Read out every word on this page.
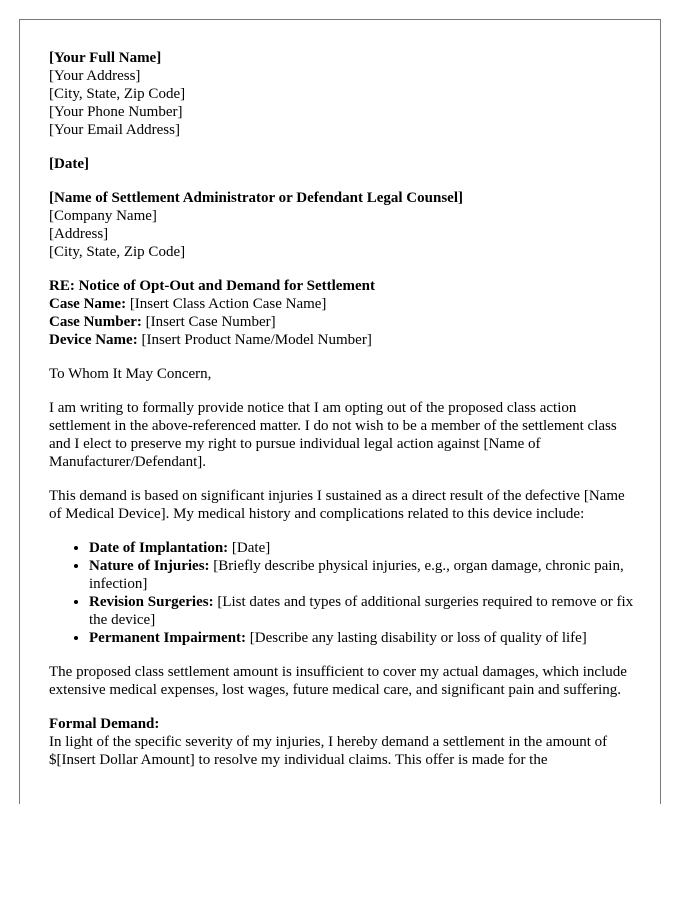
[Your Full Name]
[Your Address]
[City, State, Zip Code]
[Your Phone Number]
[Your Email Address]
[Date]
[Name of Settlement Administrator or Defendant Legal Counsel]
[Company Name]
[Address]
[City, State, Zip Code]
RE: Notice of Opt-Out and Demand for Settlement
Case Name: [Insert Class Action Case Name]
Case Number: [Insert Case Number]
Device Name: [Insert Product Name/Model Number]

To Whom It May Concern,

I am writing to formally provide notice that I am opting out of the proposed class action settlement in the above-referenced matter. I do not wish to be a member of the settlement class and I elect to preserve my right to pursue individual legal action against [Name of Manufacturer/Defendant].

This demand is based on significant injuries I sustained as a direct result of the defective [Name of Medical Device]. My medical history and complications related to this device include:

• Date of Implantation: [Date]
• Nature of Injuries: [Briefly describe physical injuries, e.g., organ damage, chronic pain, infection]
• Revision Surgeries: [List dates and types of additional surgeries required to remove or fix the device]
• Permanent Impairment: [Describe any lasting disability or loss of quality of life]

The proposed class settlement amount is insufficient to cover my actual damages, which include extensive medical expenses, lost wages, future medical care, and significant pain and suffering.

Formal Demand:

In light of the specific severity of my injuries, I hereby demand a settlement in the amount of $[Insert Dollar Amount] to resolve my individual claims. This offer is made for the
